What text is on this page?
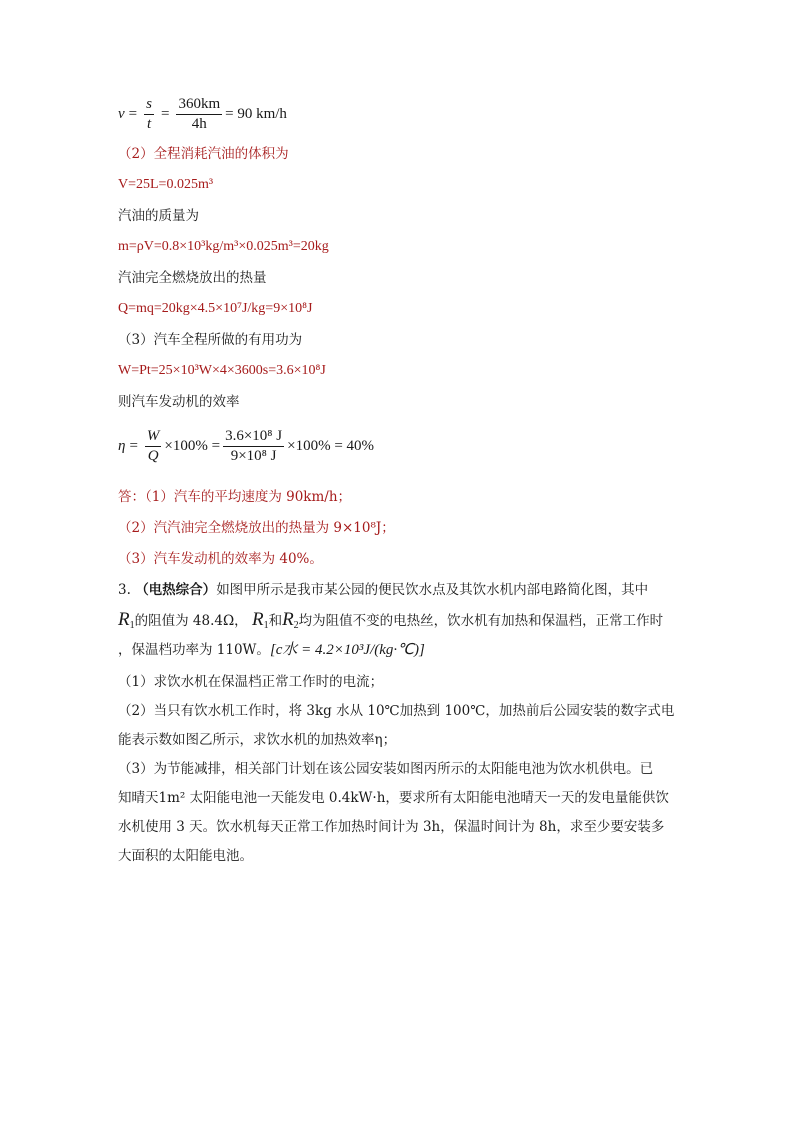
$v = \frac{s}{t} = \frac{360km}{4h} = 90$ km/h
（2）全程消耗汽油的体积为
V=25L=0.025m³
汽油的质量为
m=ρV=0.8×10³kg/m³×0.025m³=20kg
汽油完全燃烧放出的热量
Q=mq=20kg×4.5×10⁷J/kg=9×10⁸J
（3）汽车全程所做的有用功为
W=Pt=25×10³W×4×3600s=3.6×10⁸J
则汽车发动机的效率
$\eta = \frac{W}{Q} \times 100\% = \frac{\text{3.6×10⁸ J}}{\text{9×10⁸ J}} \times 100\% = 40\%$
答：（1）汽车的平均速度为 90km/h；
（2）汽汽油完全燃烧放出的热量为 9×10⁸J；
（3）汽车发动机的效率为 40%。
3. （电热综合）如图甲所示是我市某公园的便民饮水点及其饮水机内部电路简化图，其中
$R_1$的阻值为 48.4Ω， $R_1$和$R_2$均为阻值不变的电热丝，饮水机有加热和保温档，正常工作时
，保温档功率为 110W。[c水 = 4.2×10³J/(kg·℃)]
（1）求饮水机在保温档正常工作时的电流；
（2）当只有饮水机工作时，将 3kg 水从 10℃加热到 100℃，加热前后公园安装的数字式电
能表示数如图乙所示，求饮水机的加热效率η；
（3）为节能减排，相关部门计划在该公园安装如图丙所示的太阳能电池为饮水机供电。已
知晴天1m² 太阳能电池一天能发电 0.4kW·h，要求所有太阳能电池晴天一天的发电量能供饮
水机使用 3 天。饮水机每天正常工作加热时间计为 3h，保温时间计为 8h，求至少要安装多
大面积的太阳能电池。
